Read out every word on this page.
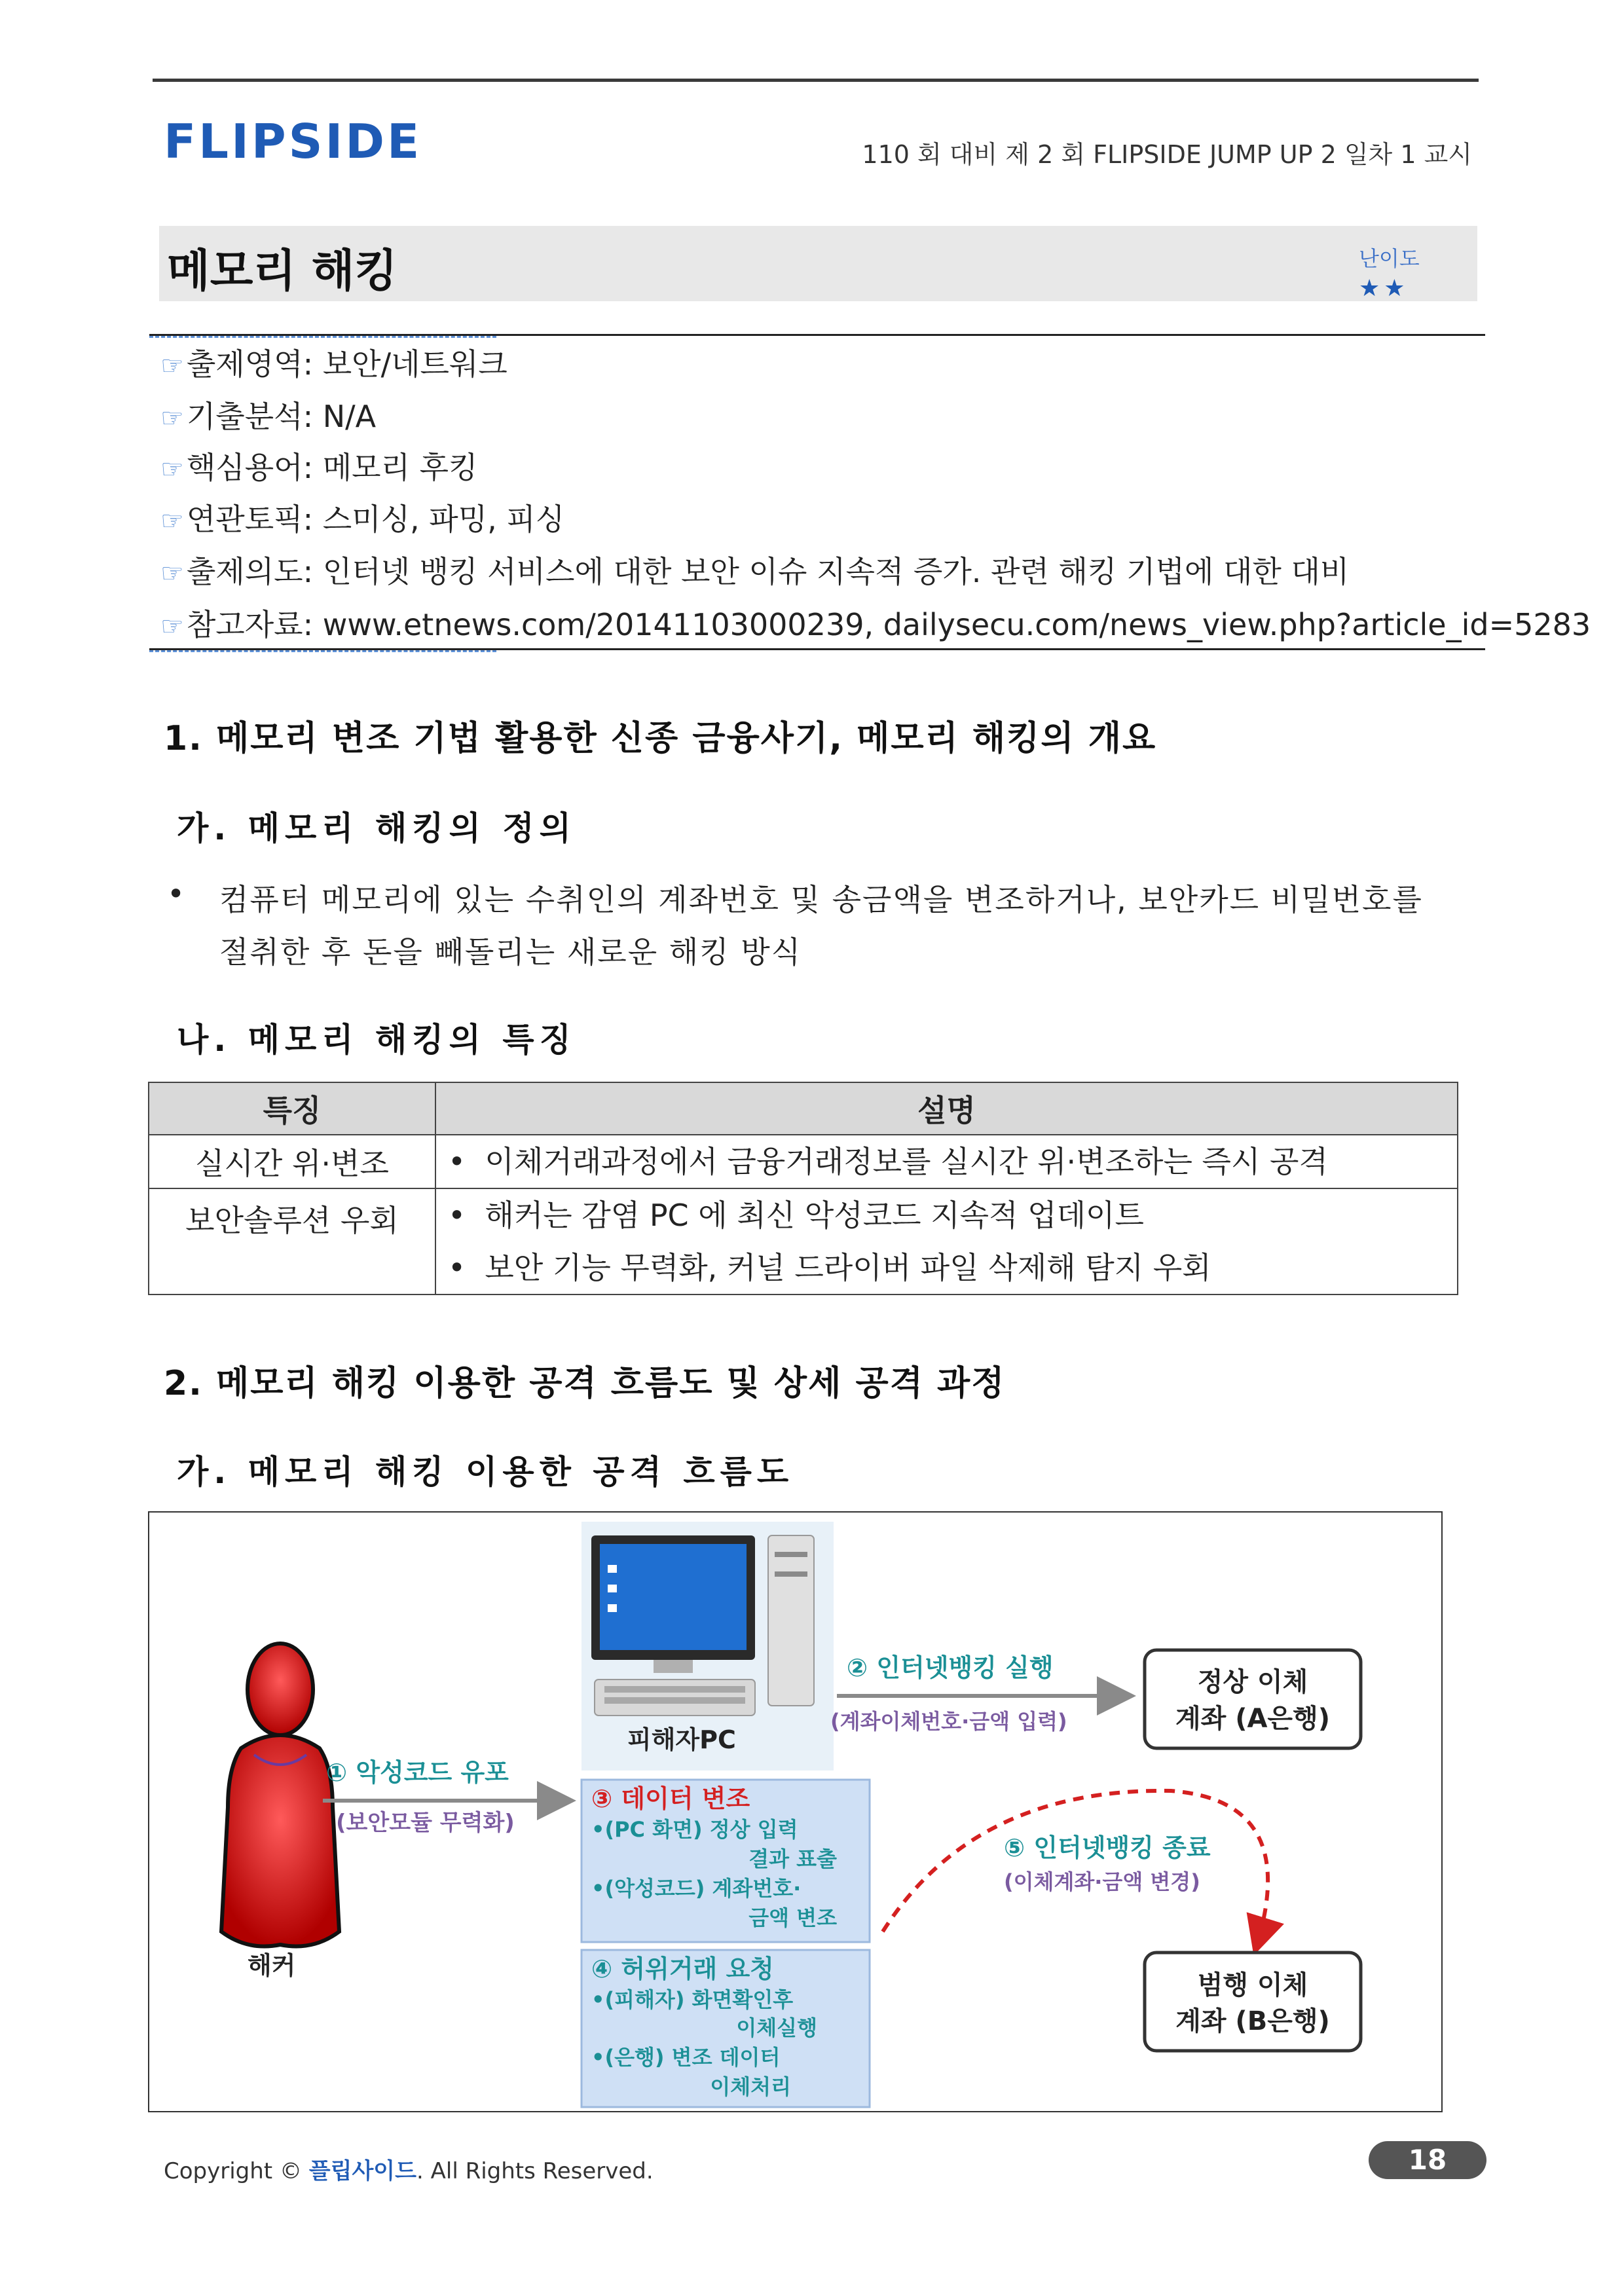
FLIPSIDE	110 회 대비 제 2 회 FLIPSIDE JUMP UP 2 일차 1 교시
메모리 해킹	난이도
★★
☞출제영역: 보안/네트워크
☞기출분석: N/A
☞핵심용어: 메모리 후킹
☞연관토픽: 스미싱, 파밍, 피싱
☞출제의도: 인터넷 뱅킹 서비스에 대한 보안 이슈 지속적 증가. 관련 해킹 기법에 대한 대비
☞참고자료: www.etnews.com/20141103000239, dailysecu.com/news_view.php?article_id=5283
1. 메모리 변조 기법 활용한 신종 금융사기, 메모리 해킹의 개요
가. 메모리 해킹의 정의
• 컴퓨터 메모리에 있는 수취인의 계좌번호 및 송금액을 변조하거나, 보안카드 비밀번호를
절취한 후 돈을 빼돌리는 새로운 해킹 방식
나. 메모리 해킹의 특징
특징	설명
실시간 위·변조	•  이체거래과정에서 금융거래정보를 실시간 위·변조하는 즉시 공격

보안솔루션 우회	•  해커는 감염 PC 에 최신 악성코드 지속적 업데이트
•  보안 기능 무력화, 커널 드라이버 파일 삭제해 탐지 우회
2. 메모리 해킹 이용한 공격 흐름도 및 상세 공격 과정
가. 메모리 해킹 이용한 공격 흐름도
해커
피해자PC
① 악성코드 유포
(보안모듈 무력화)
② 인터넷뱅킹 실행
(계좌이체번호·금액 입력)
정상 이체
계좌 (A은행)
③ 데이터 변조
•(PC 화면) 정상 입력
결과 표출
•(악성코드) 계좌번호·
금액 변조
④ 허위거래 요청
•(피해자) 화면확인후
이체실행
•(은행) 변조 데이터
이체처리
⑤ 인터넷뱅킹 종료
(이체계좌·금액 변경)
범행 이체
계좌 (B은행)
Copyright © 플립사이드. All Rights Reserved.	18
